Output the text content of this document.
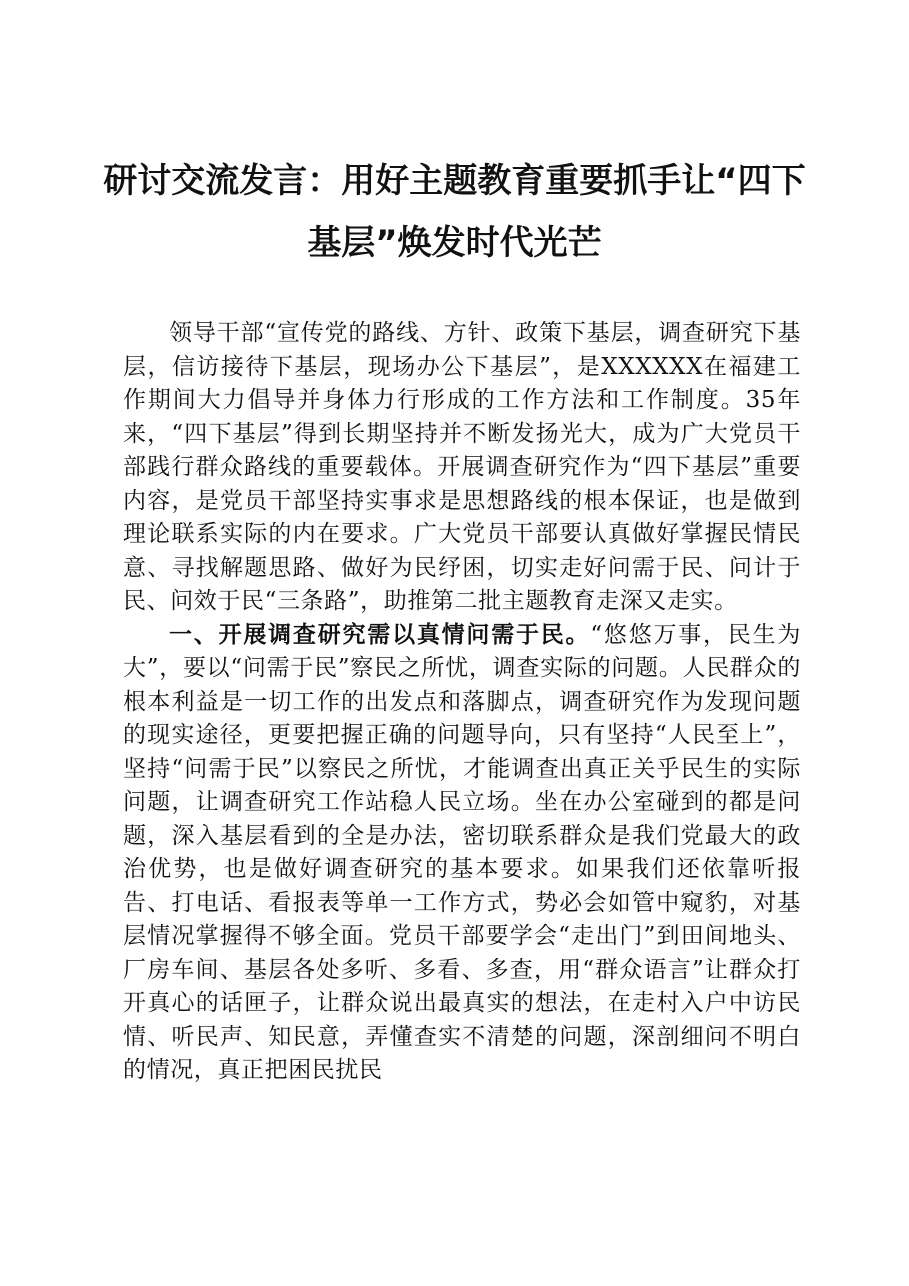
研讨交流发言：用好主题教育重要抓手让“四下基层”焕发时代光芒

领导干部“宣传党的路线、方针、政策下基层，调查研究下基层，信访接待下基层，现场办公下基层”，是XXXXXX在福建工作期间大力倡导并身体力行形成的工作方法和工作制度。35年来，“四下基层”得到长期坚持并不断发扬光大，成为广大党员干部践行群众路线的重要载体。开展调查研究作为“四下基层”重要内容，是党员干部坚持实事求是思想路线的根本保证，也是做到理论联系实际的内在要求。广大党员干部要认真做好掌握民情民意、寻找解题思路、做好为民纾困，切实走好问需于民、问计于民、问效于民“三条路”，助推第二批主题教育走深又走实。

一、开展调查研究需以真情问需于民。“悠悠万事，民生为大”，要以“问需于民”察民之所忧，调查实际的问题。人民群众的根本利益是一切工作的出发点和落脚点，调查研究作为发现问题的现实途径，更要把握正确的问题导向，只有坚持“人民至上”，坚持“问需于民”以察民之所忧，才能调查出真正关乎民生的实际问题，让调查研究工作站稳人民立场。坐在办公室碰到的都是问题，深入基层看到的全是办法，密切联系群众是我们党最大的政治优势，也是做好调查研究的基本要求。如果我们还依靠听报告、打电话、看报表等单一工作方式，势必会如管中窥豹，对基层情况掌握得不够全面。党员干部要学会“走出门”到田间地头、厂房车间、基层各处多听、多看、多查，用“群众语言”让群众打开真心的话匣子，让群众说出最真实的想法，在走村入户中访民情、听民声、知民意，弄懂查实不清楚的问题，深剖细问不明白的情况，真正把困民扰民
